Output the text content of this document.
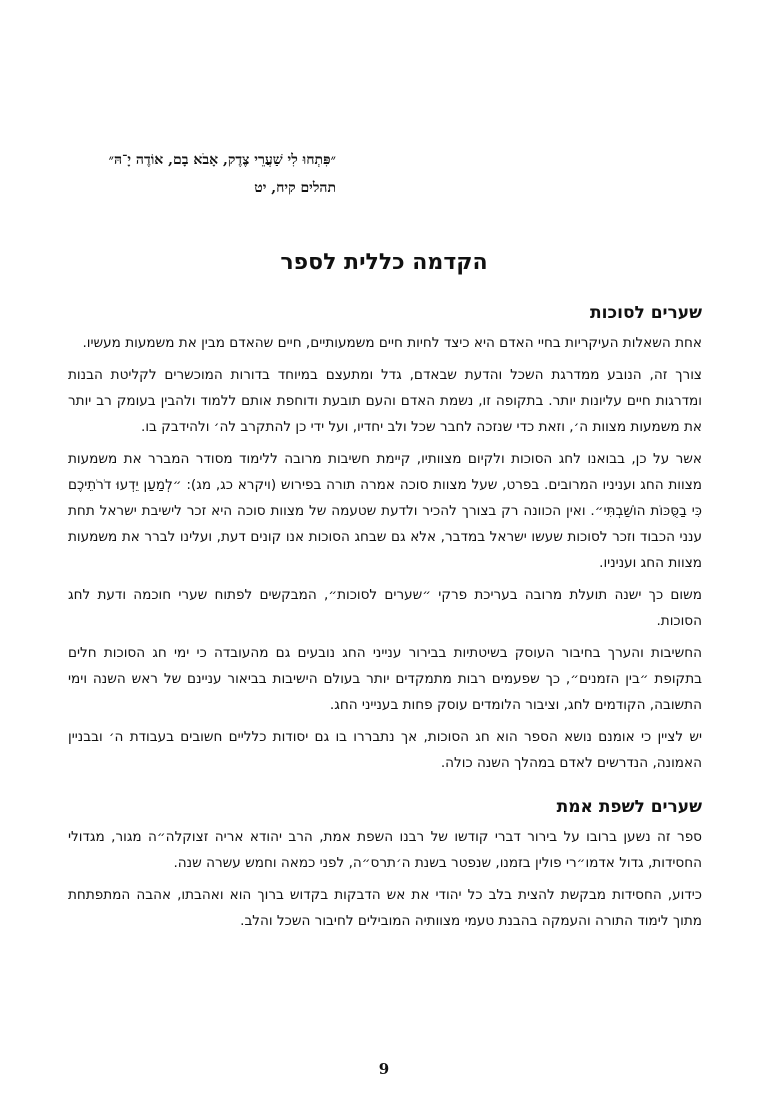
״פִּתְחוּ לִי שַׁעֲרֵי צֶדֶק, אָבֹא בָם, אוֹדֶה יָ־הּ״
תהלים קיח, יט
הקדמה כללית לספר
שערים לסוכות

אחת השאלות העיקריות בחיי האדם היא כיצד לחיות חיים משמעותיים, חיים שהאדם מבין את משמעות מעשיו.

צורך זה, הנובע ממדרגת השכל והדעת שבאדם, גדל ומתעצם במיוחד בדורות המוכשרים לקליטת הבנות ומדרגות חיים עליונות יותר. בתקופה זו, נשמת האדם והעם תובעת ודוחפת אותם ללמוד ולהבין בעומק רב יותר את משמעות מצוות ה׳, וזאת כדי שנזכה לחבר שכל ולב יחדיו, ועל ידי כן להתקרב לה׳ ולהידבק בו.

אשר על כן, בבואנו לחג הסוכות ולקיום מצוותיו, קיימת חשיבות מרובה ללימוד מסודר המברר את משמעות מצוות החג ועניניו המרובים. בפרט, שעל מצוות סוכה אמרה תורה בפירוש (ויקרא כג, מג): ״לְמַעַן יֵדְעוּ דֹרֹתֵיכֶם כִּי בַסֻּכּוֹת הוֹשַׁבְתִּי״. ואין הכוונה רק בצורך להכיר ולדעת שטעמה של מצוות סוכה היא זכר לישיבת ישראל תחת ענני הכבוד וזכר לסוכות שעשו ישראל במדבר, אלא גם שבחג הסוכות אנו קונים דעת, ועלינו לברר את משמעות מצוות החג ועניניו.

משום כך ישנה תועלת מרובה בעריכת פרקי ״שערים לסוכות״, המבקשים לפתוח שערי חוכמה ודעת לחג הסוכות.

החשיבות והערך בחיבור העוסק בשיטתיות בבירור ענייני החג נובעים גם מהעובדה כי ימי חג הסוכות חלים בתקופת ״בין הזמנים״, כך שפעמים רבות מתמקדים יותר בעולם הישיבות בביאור עניינם של ראש השנה וימי התשובה, הקודמים לחג, וציבור הלומדים עוסק פחות בענייני החג.

יש לציין כי אומנם נושא הספר הוא חג הסוכות, אך נתבררו בו גם יסודות כלליים חשובים בעבודת ה׳ ובבניין האמונה, הנדרשים לאדם במהלך השנה כולה.

שערים לשפת אמת

ספר זה נשען ברובו על בירור דברי קודשו של רבנו השפת אמת, הרב יהודא אריה זצוקלה״ה מגור, מגדולי החסידות, גדול אדמו״רי פולין בזמנו, שנפטר בשנת ה׳תרס״ה, לפני כמאה וחמש עשרה שנה.

כידוע, החסידות מבקשת להצית בלב כל יהודי את אש הדבקות בקדוש ברוך הוא ואהבתו, אהבה המתפתחת מתוך לימוד התורה והעמקה בהבנת טעמי מצוותיה המובילים לחיבור השכל והלב.

9
